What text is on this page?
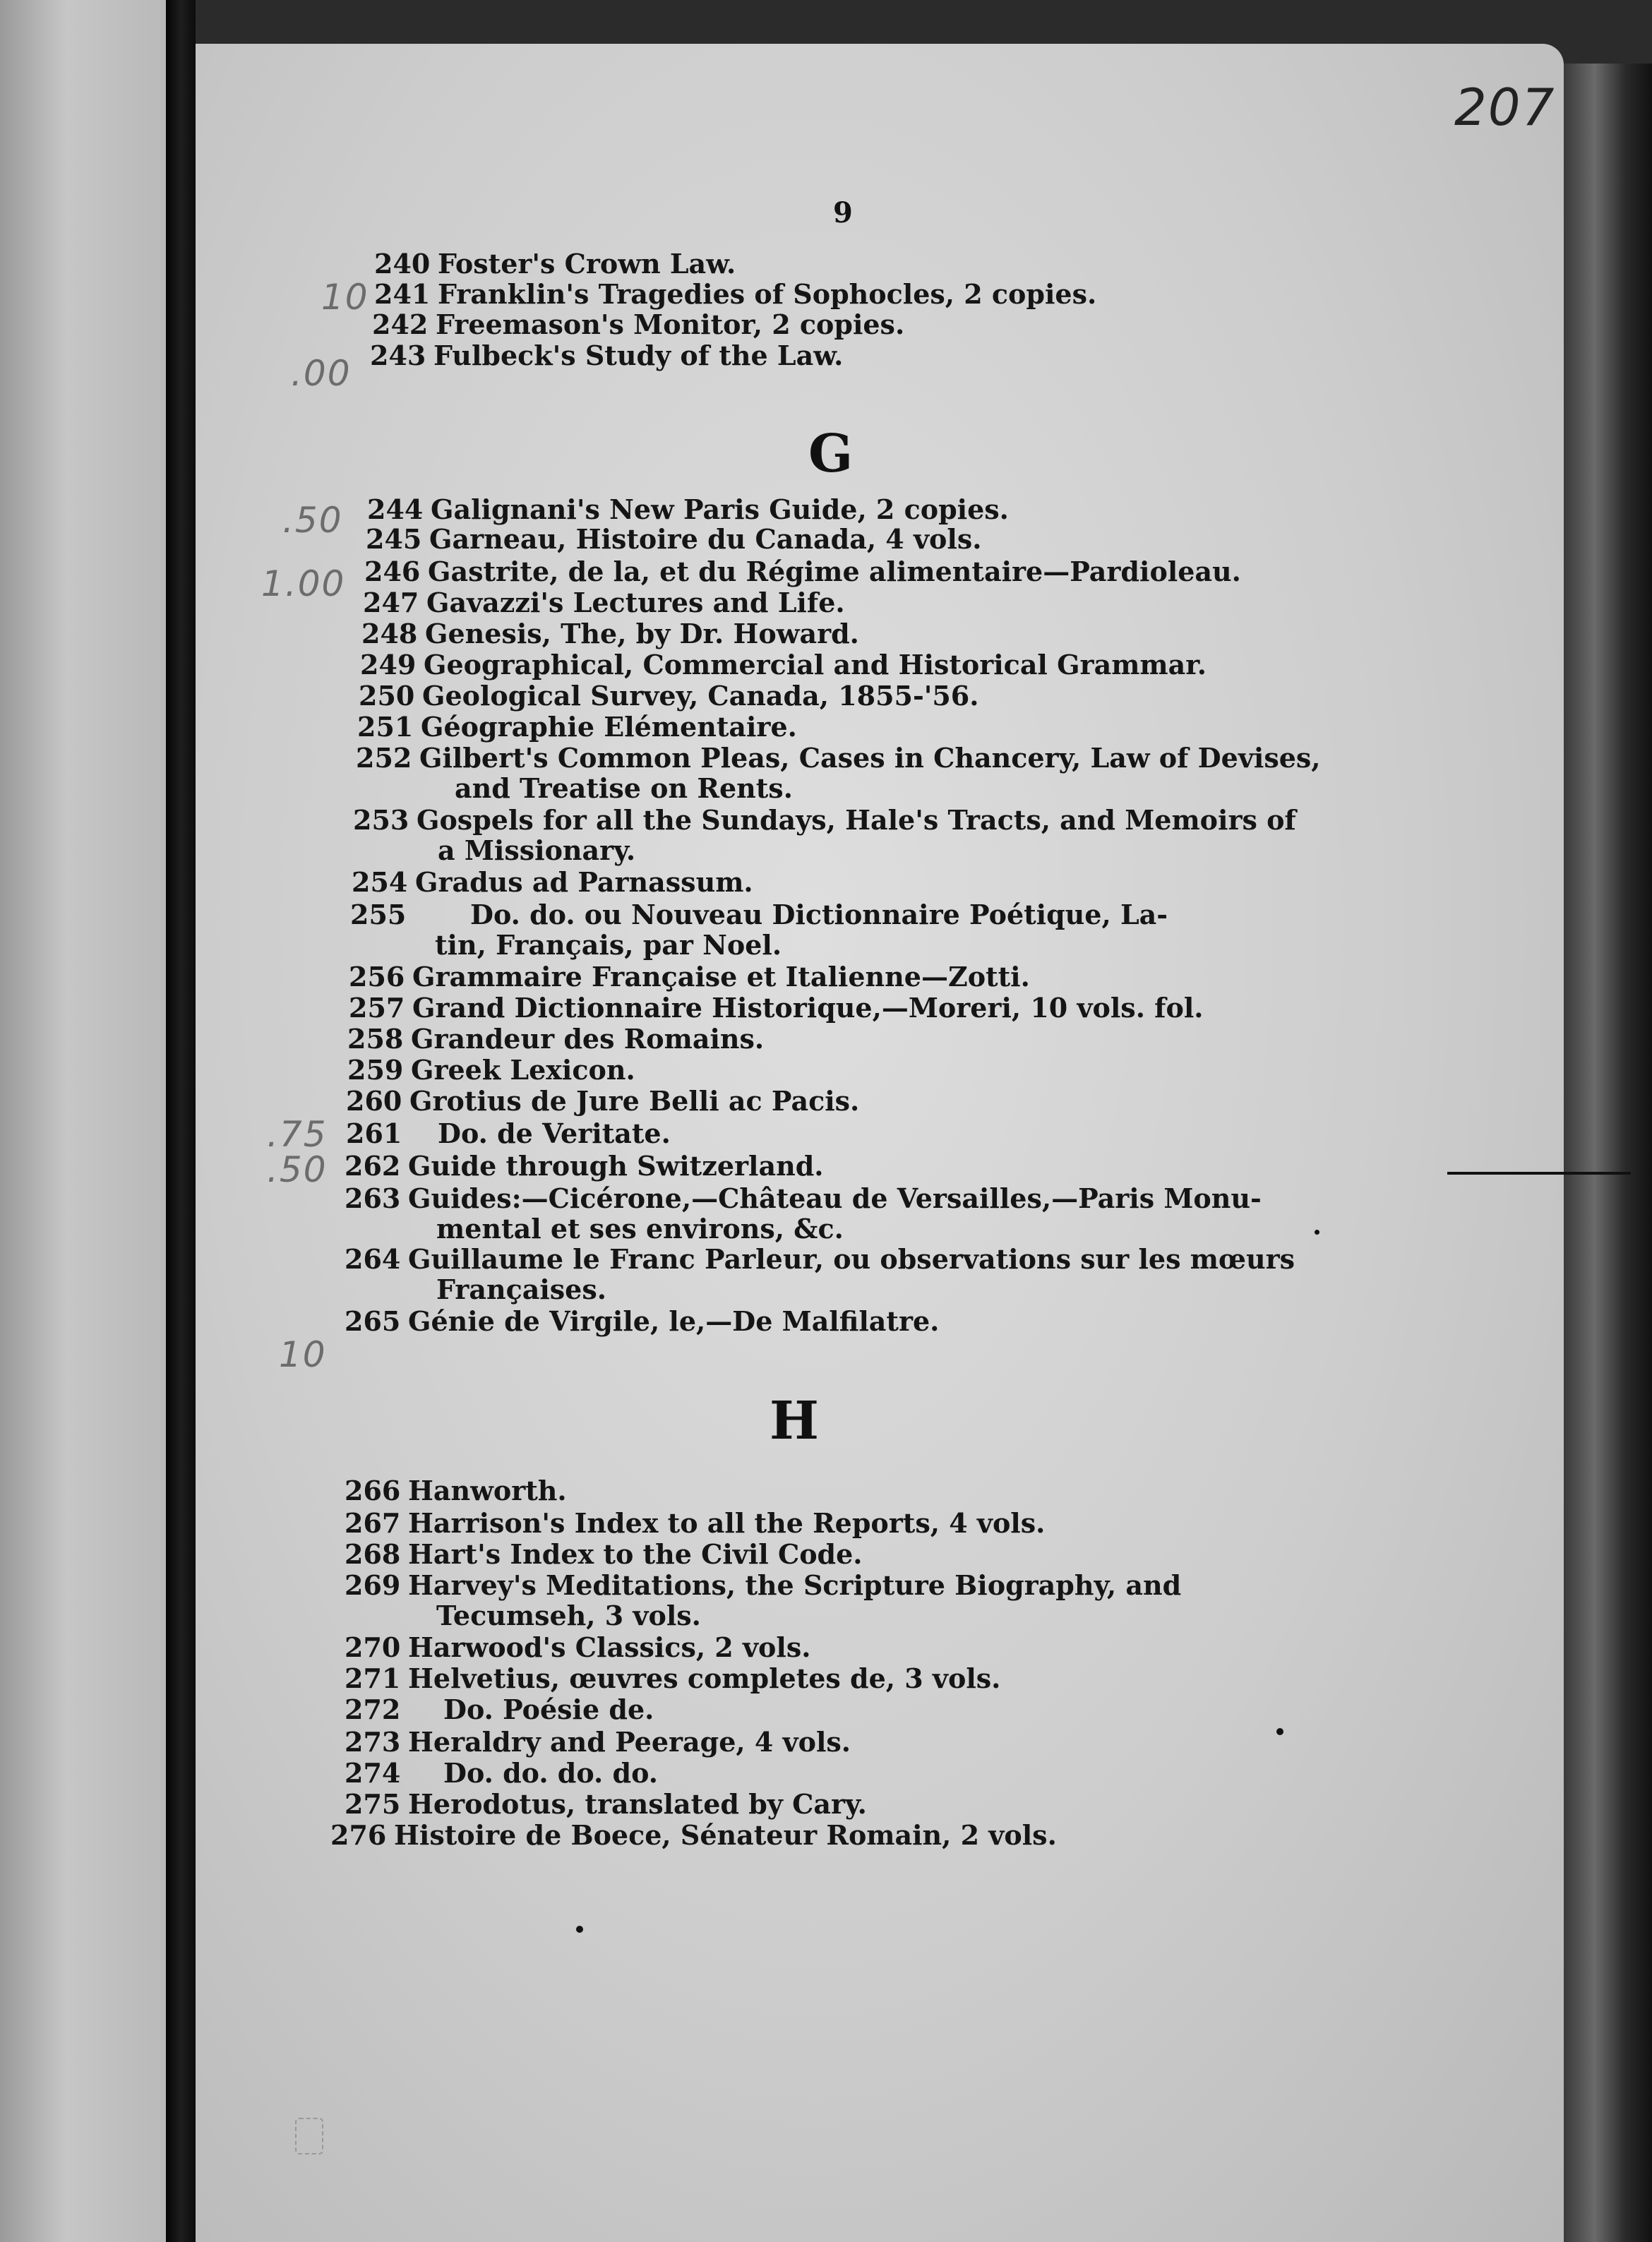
207
9
10
.00
.50
1.00
.75
.50
10

240 Foster's Crown Law.

241 Franklin's Tragedies of Sophocles, 2 copies.

242 Freemason's Monitor, 2 copies.

243 Fulbeck's Study of the Law.

G

244 Galignani's New Paris Guide, 2 copies.

245 Garneau, Histoire du Canada, 4 vols.

246 Gastrite, de la, et du Régime alimentaire—Pardioleau.

247 Gavazzi's Lectures and Life.

248 Genesis, The, by Dr. Howard.

249 Geographical, Commercial and Historical Grammar.

250 Geological Survey, Canada, 1855-'56.

251 Géographie Elémentaire.

252 Gilbert's Common Pleas, Cases in Chancery, Law of Devises,
and Treatise on Rents.

253 Gospels for all the Sundays, Hale's Tracts, and Memoirs of
a Missionary.

254 Gradus ad Parnassum.

255 Do. do. ou Nouveau Dictionnaire Poétique, La-
tin, Français, par Noel.

256 Grammaire Française et Italienne—Zotti.

257 Grand Dictionnaire Historique,—Moreri, 10 vols. fol.

258 Grandeur des Romains.

259 Greek Lexicon.

260 Grotius de Jure Belli ac Pacis.

261 Do. de Veritate.

262 Guide through Switzerland.

263 Guides:—Cicérone,—Château de Versailles,—Paris Monu-
mental et ses environs, &c.

264 Guillaume le Franc Parleur, ou observations sur les mœurs
Françaises.

265 Génie de Virgile, le,—De Malfilatre.

H

266 Hanworth.

267 Harrison's Index to all the Reports, 4 vols.

268 Hart's Index to the Civil Code.

269 Harvey's Meditations, the Scripture Biography, and
Tecumseh, 3 vols.

270 Harwood's Classics, 2 vols.

271 Helvetius, œuvres completes de, 3 vols.

272 Do. Poésie de.

273 Heraldry and Peerage, 4 vols.

274 Do. do. do. do.

275 Herodotus, translated by Cary.

276 Histoire de Boece, Sénateur Romain, 2 vols.
